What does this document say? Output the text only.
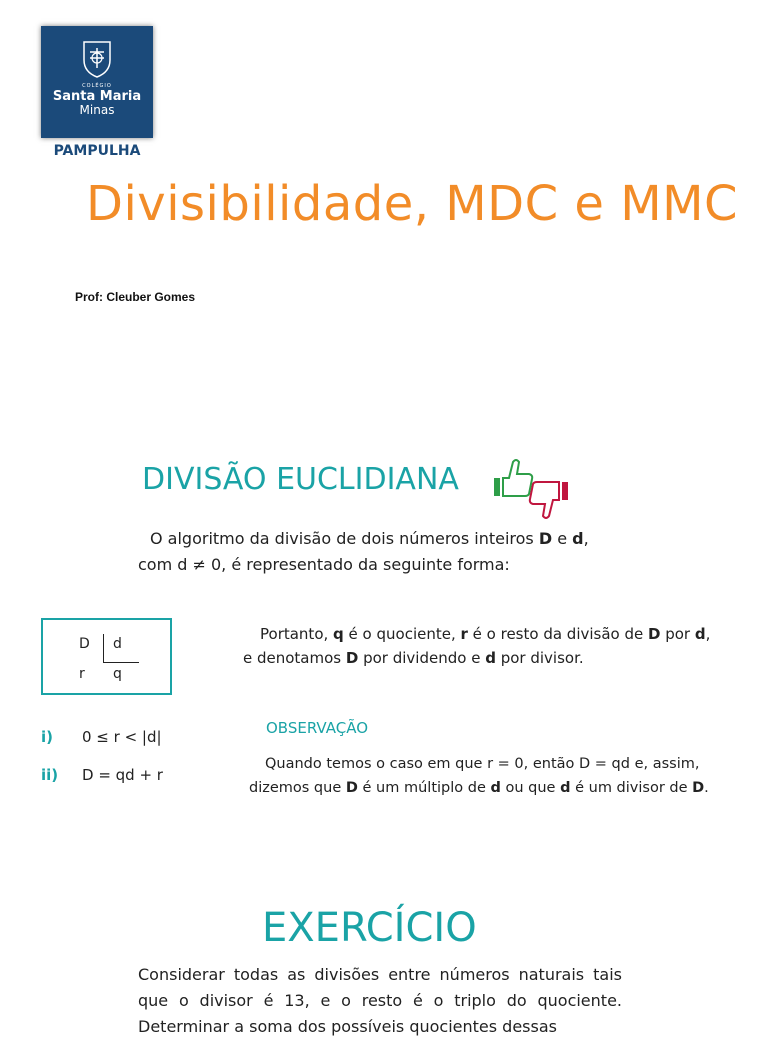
COLÉGIO
Santa Maria
Minas
PAMPULHA
Divisibilidade, MDC e MMC
Prof: Cleuber Gomes
DIVISÃO EUCLIDIANA
O algoritmo da divisão de dois números inteiros D e d,
com d ≠ 0, é representado da seguinte forma:
D d
r q
Portanto, q é o quociente, r é o resto da divisão de D por d,
e denotamos D por dividendo e d por divisor.
i) 0 ≤ r < |d|
ii) D = qd + r
OBSERVAÇÃO
Quando temos o caso em que r = 0, então D = qd e, assim,
dizemos que D é um múltiplo de d ou que d é um divisor de D.
EXERCÍCIO
Considerar todas as divisões entre números naturais tais que o divisor é 13, e o resto é o triplo do quociente. Determinar a soma dos possíveis quocientes dessas
